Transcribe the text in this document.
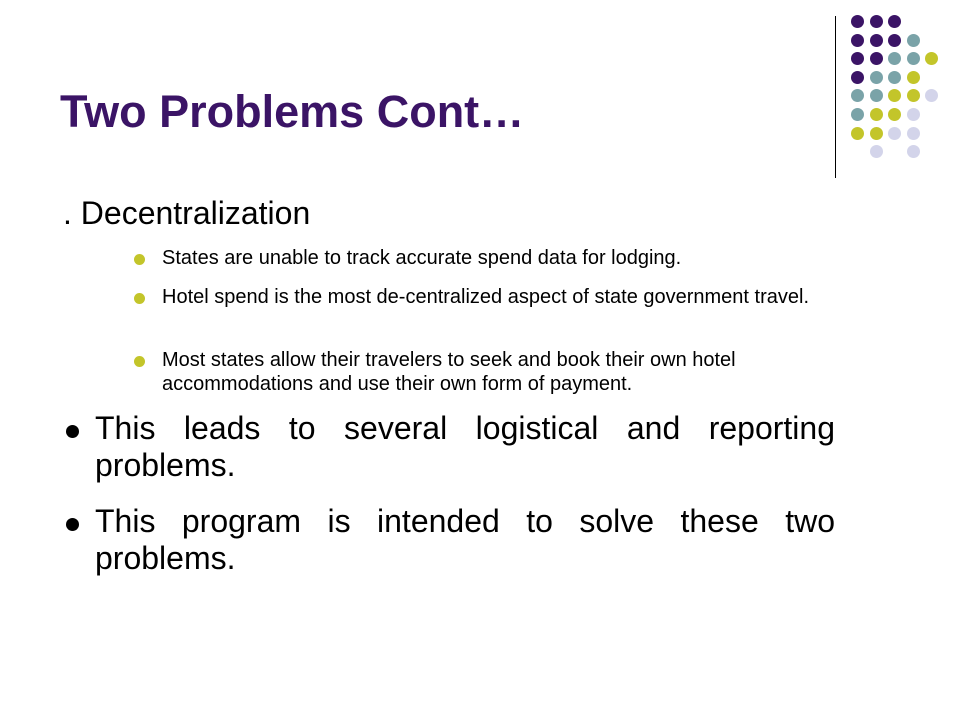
Two Problems Cont…
. Decentralization
States are unable to track accurate spend data for lodging.
Hotel spend is the most de-centralized aspect of state government travel.
Most states allow their travelers to seek and book their own hotel accommodations and use their own form of payment.
This leads to several logistical and reporting problems.
This program is intended to solve these two problems.
